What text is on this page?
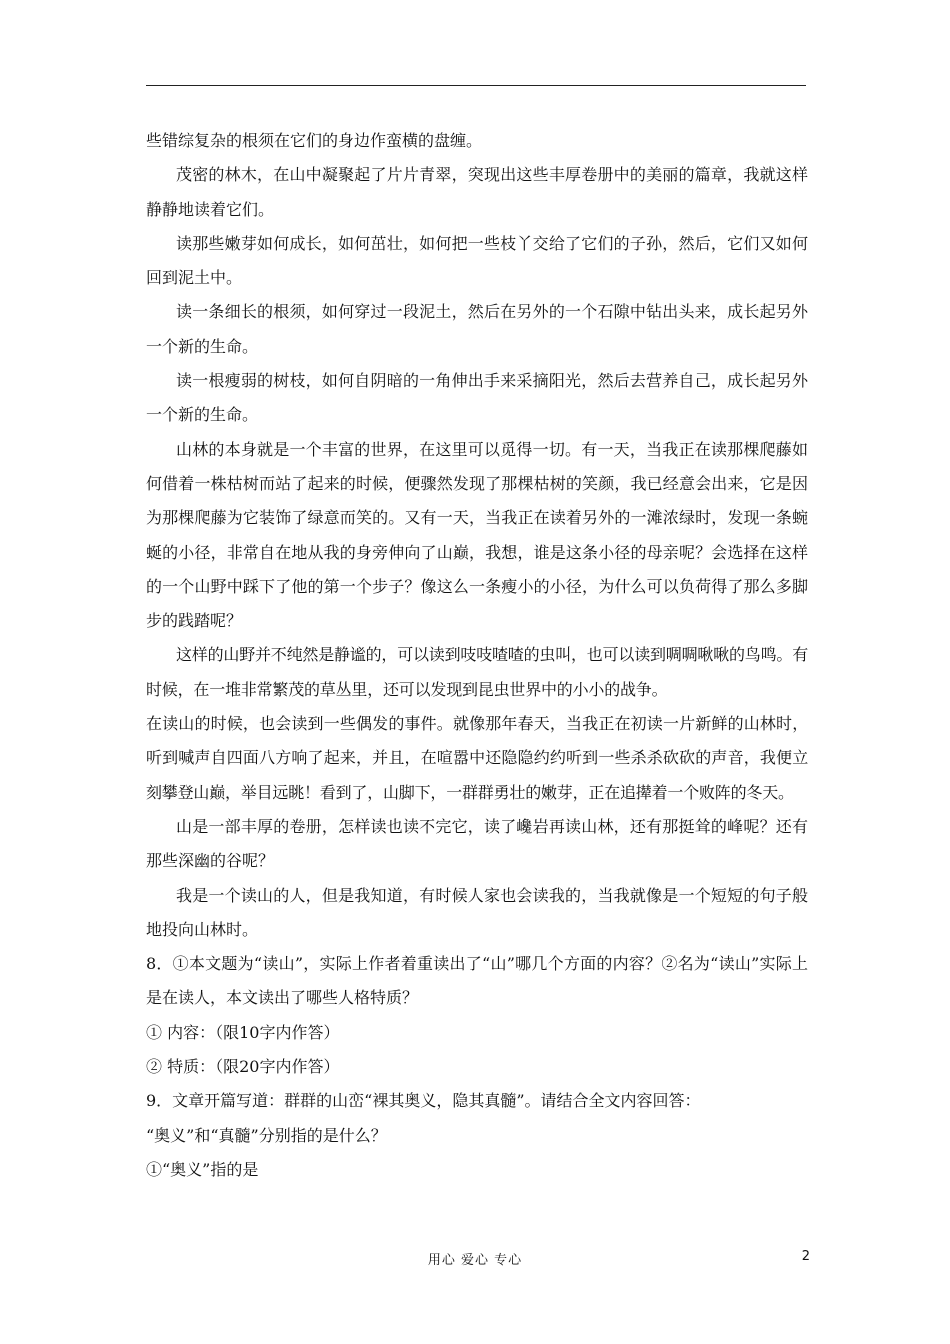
些错综复杂的根须在它们的身边作蛮横的盘缠。

茂密的林木，在山中凝聚起了片片青翠，突现出这些丰厚卷册中的美丽的篇章，我就这样静静地读着它们。

读那些嫩芽如何成长，如何茁壮，如何把一些枝丫交给了它们的子孙，然后，它们又如何回到泥土中。

读一条细长的根须，如何穿过一段泥土，然后在另外的一个石隙中钻出头来，成长起另外一个新的生命。

读一根瘦弱的树枝，如何自阴暗的一角伸出手来采摘阳光，然后去营养自己，成长起另外一个新的生命。

山林的本身就是一个丰富的世界，在这里可以觅得一切。有一天，当我正在读那棵爬藤如何借着一株枯树而站了起来的时候，便骤然发现了那棵枯树的笑颜，我已经意会出来，它是因为那棵爬藤为它装饰了绿意而笑的。又有一天，当我正在读着另外的一滩浓绿时，发现一条蜿蜒的小径，非常自在地从我的身旁伸向了山巅，我想，谁是这条小径的母亲呢？会选择在这样的一个山野中踩下了他的第一个步子？像这么一条瘦小的小径，为什么可以负荷得了那么多脚步的践踏呢？

这样的山野并不纯然是静谧的，可以读到吱吱喳喳的虫叫，也可以读到啁啁啾啾的鸟鸣。有时候，在一堆非常繁茂的草丛里，还可以发现到昆虫世界中的小小的战争。

在读山的时候，也会读到一些偶发的事件。就像那年春天，当我正在初读一片新鲜的山林时，听到喊声自四面八方响了起来，并且，在喧嚣中还隐隐约约听到一些杀杀砍砍的声音，我便立刻攀登山巅，举目远眺！看到了，山脚下，一群群勇壮的嫩芽，正在追撵着一个败阵的冬天。

山是一部丰厚的卷册，怎样读也读不完它，读了巉岩再读山林，还有那挺耸的峰呢？还有那些深幽的谷呢？

我是一个读山的人，但是我知道，有时候人家也会读我的，当我就像是一个短短的句子般地投向山林时。

8．①本文题为“读山”，实际上作者着重读出了“山”哪几个方面的内容？②名为“读山”实际上是在读人，本文读出了哪些人格特质？

① 内容：（限10字内作答）

② 特质：（限20字内作答）

9．文章开篇写道：群群的山峦“裸其奥义，隐其真髓”。请结合全文内容回答：

“奥义”和“真髓”分别指的是什么？

①“奥义”指的是

用心 爱心 专心	2
